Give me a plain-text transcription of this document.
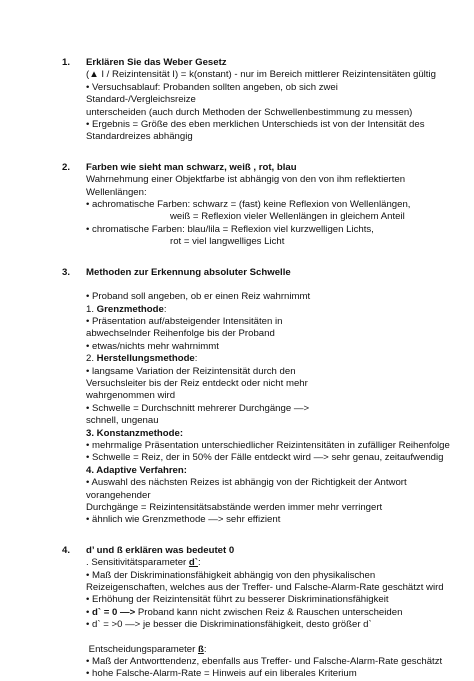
1. Erklären Sie das Weber Gesetz
(▲ I / Reizintensität I) = k(onstant) - nur im Bereich mittlerer Reizintensitäten gültig
• Versuchsablauf: Probanden sollten angeben, ob sich zwei
Standard-/Vergleichsreize
unterscheiden (auch durch Methoden der Schwellenbestimmung zu messen)
• Ergebnis = Größe des eben merklichen Unterschieds ist von der Intensität des
Standardreizes abhängig
2. Farben wie sieht man schwarz, weiß , rot, blau
Wahrnehmung einer Objektfarbe ist abhängig von den von ihm reflektierten
Wellenlängen:
• achromatische Farben: schwarz = (fast) keine Reflexion von Wellenlängen,
weiß = Reflexion vieler Wellenlängen in gleichem Anteil
• chromatische Farben: blau/lila = Reflexion viel kurzwelligen Lichts,
rot = viel langwelliges Licht
3. Methoden zur Erkennung absoluter Schwelle
• Proband soll angeben, ob er einen Reiz wahrnimmt
1. Grenzmethode:
• Präsentation auf/absteigender Intensitäten in
abwechselnder Reihenfolge bis der Proband
• etwas/nichts mehr wahrnimmt
2. Herstellungsmethode:
• langsame Variation der Reizintensität durch den
Versuchsleiter bis der Reiz entdeckt oder nicht mehr
wahrgenommen wird
• Schwelle = Durchschnitt mehrerer Durchgänge —>
schnell, ungenau
3. Konstanzmethode:
• mehrmalige Präsentation unterschiedlicher Reizintensitäten in zufälliger Reihenfolge
• Schwelle = Reiz, der in 50% der Fälle entdeckt wird —> sehr genau, zeitaufwendig
4. Adaptive Verfahren:
• Auswahl des nächsten Reizes ist abhängig von der Richtigkeit der Antwort
vorangehender
Durchgänge = Reizintensitätsabstände werden immer mehr verringert
• ähnlich wie Grenzmethode —> sehr effizient
4. d’ und ß erklären was bedeutet 0
. Sensitivitätsparameter d`:
• Maß der Diskriminationsfähigkeit abhängig von den physikalischen
Reizeigenschaften, welches aus der Treffer- und Falsche-Alarm-Rate geschätzt wird
• Erhöhung der Reizintensität führt zu besserer Diskriminationsfähigkeit
• d` = 0 —> Proband kann nicht zwischen Reiz & Rauschen unterscheiden
• d` = >0 —> je besser die Diskriminationsfähigkeit, desto größer d`
Entscheidungsparameter ß:
• Maß der Antworttendenz, ebenfalls aus Treffer- und Falsche-Alarm-Rate geschätzt
• hohe Falsche-Alarm-Rate = Hinweis auf ein liberales Kriterium
